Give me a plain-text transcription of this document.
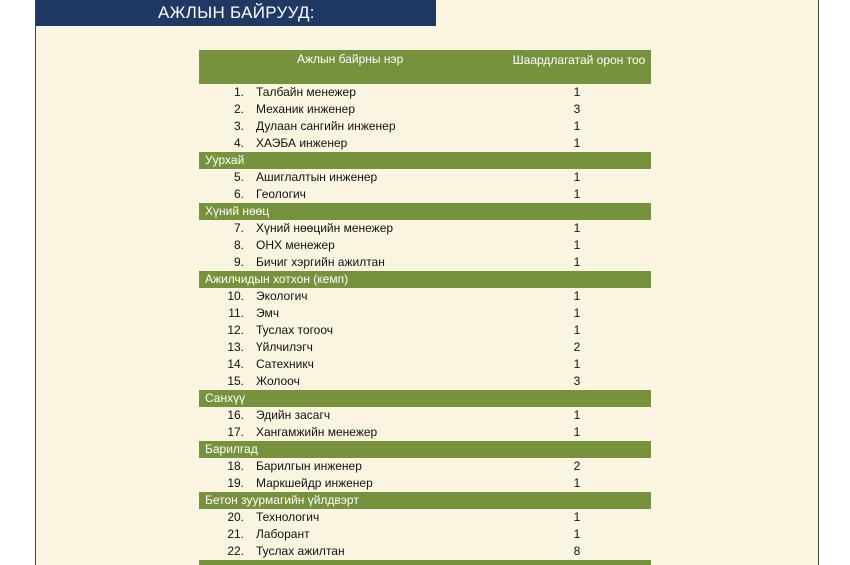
АЖЛЫН БАЙРУУД:
Ажлын байрны нэр	Шаардлагатай орон тоо
1. Талбайн менежер	1
2. Механик инженер	3
3. Дулаан сангийн инженер	1
4. ХАЭБА инженер	1
Уурхай
5. Ашиглалтын инженер	1
6. Геологич	1
Хүний нөөц
7. Хүний нөөцийн менежер	1
8. ОНХ менежер	1
9. Бичиг хэргийн ажилтан	1
Ажилчидын хотхон (кемп)
10. Экологич	1
11. Эмч	1
12. Туслах тогооч	1
13. Үйлчилэгч	2
14. Сатехникч	1
15. Жолооч	3
Санхүү
16. Эдийн засагч	1
17. Хангамжийн менежер	1
Барилгад
18. Барилгын инженер	2
19. Маркшейдр инженер	1
Бетон зуурмагийн үйлдвэрт
20. Технологич	1
21. Лаборант	1
22. Туслах ажилтан	8
